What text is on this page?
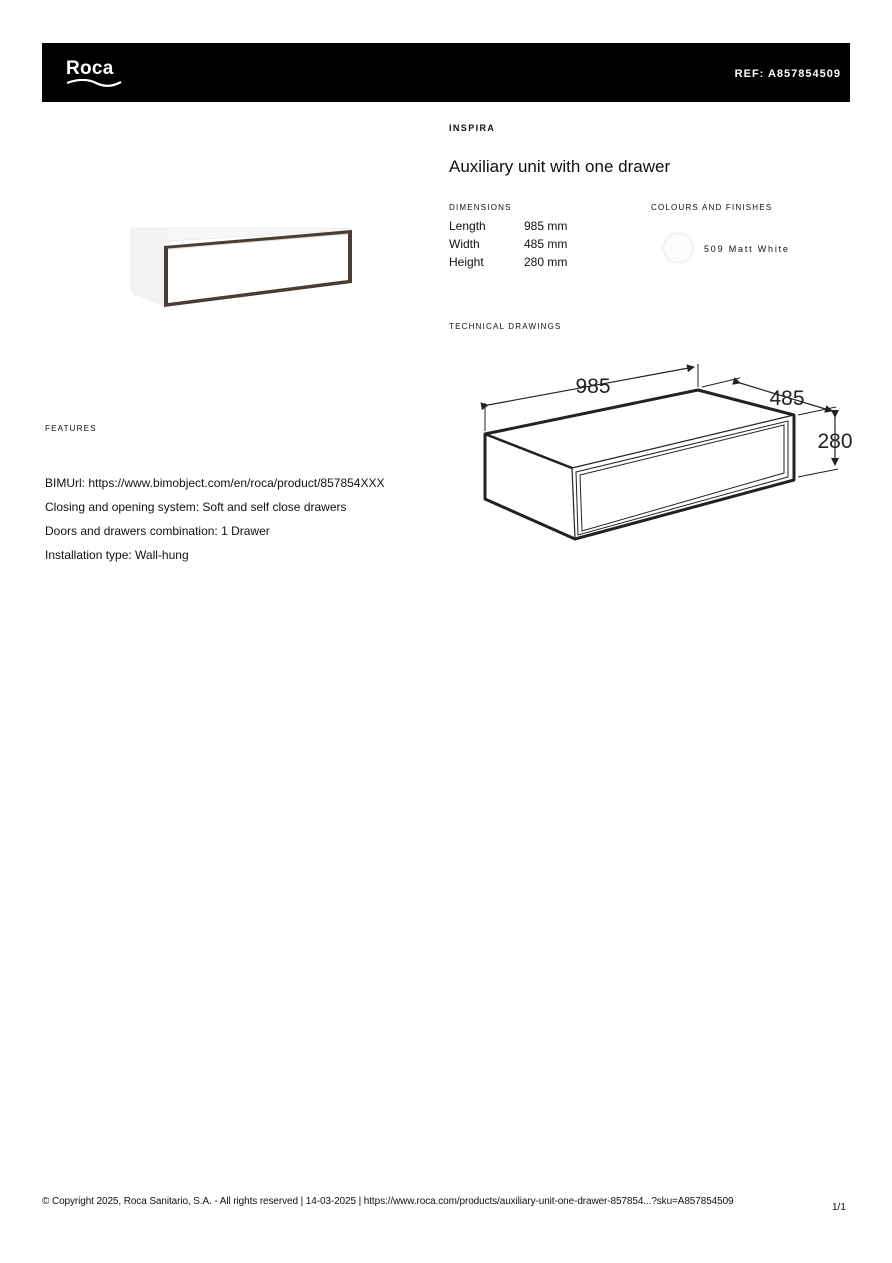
Roca	REF: A857854509
INSPIRA
Auxiliary unit with one drawer
DIMENSIONS
Length	985 mm
Width	485 mm
Height	280 mm
COLOURS AND FINISHES
509 Matt White
TECHNICAL DRAWINGS
985
485
280
FEATURES
BIMUrl: https://www.bimobject.com/en/roca/product/857854XXX
Closing and opening system: Soft and self close drawers
Doors and drawers combination: 1 Drawer
Installation type: Wall-hung
© Copyright 2025, Roca Sanitario, S.A. - All rights reserved | 14-03-2025 | https://www.roca.com/products/auxiliary-unit-one-drawer-857854...?sku=A857854509
1/1
